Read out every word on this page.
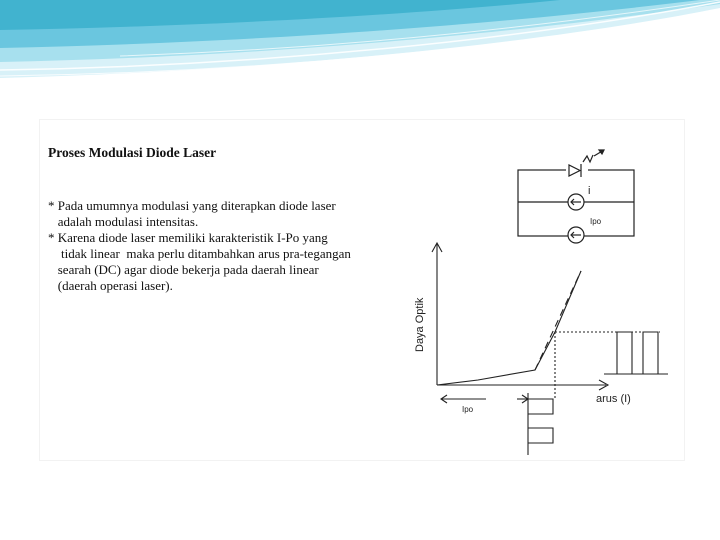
Proses Modulasi Diode Laser

* Pada umumnya modulasi yang diterapkan diode laser
adalah modulasi intensitas.
* Karena diode laser memiliki karakteristik I-Po yang
tidak linear  maka perlu ditambahkan arus pra-tegangan
searah (DC) agar diode bekerja pada daerah linear
(daerah operasi laser).
i
Ipo
Daya Optik
arus (I)
Ipo
